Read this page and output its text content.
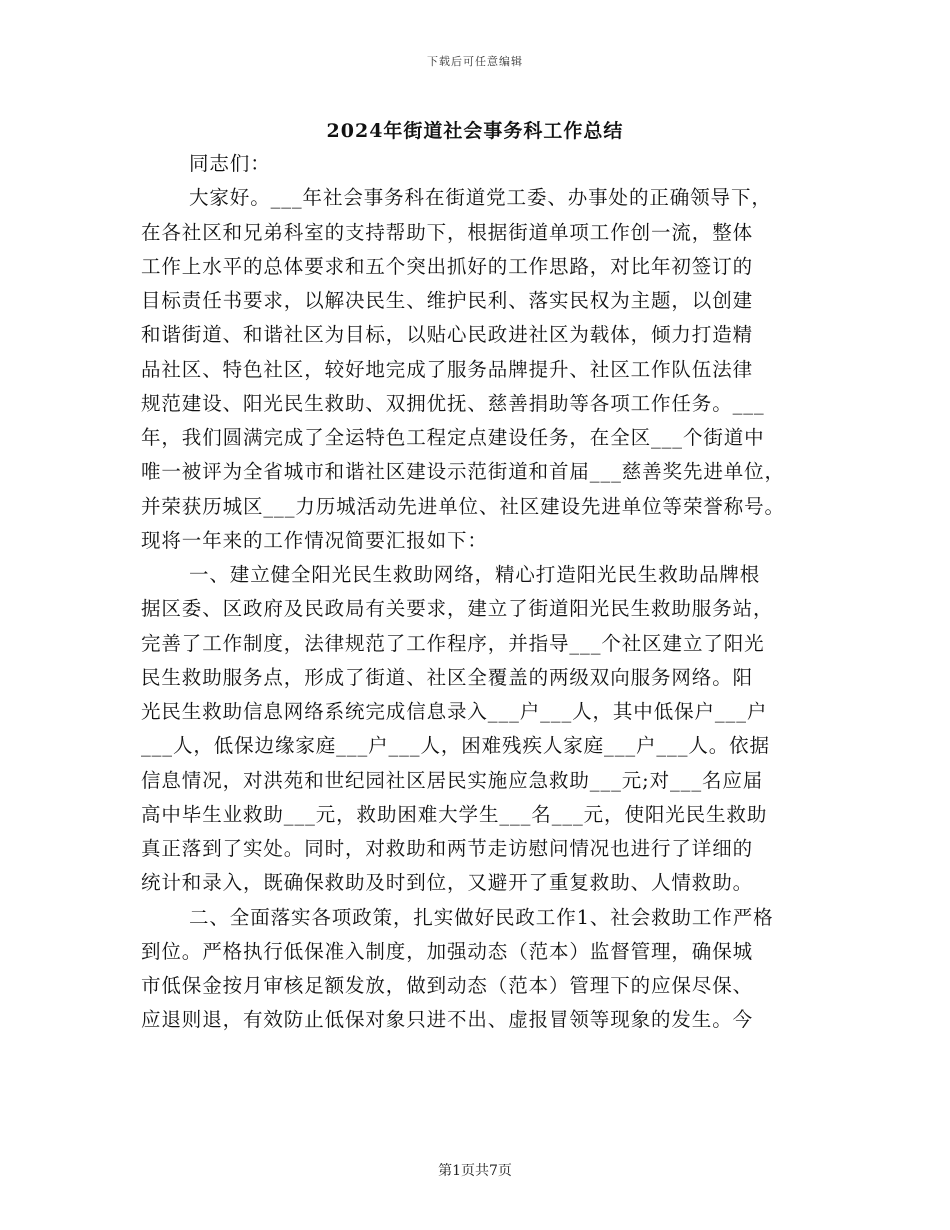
下载后可任意编辑
2024年街道社会事务科工作总结
同志们：
大家好。___年社会事务科在街道党工委、办事处的正确领导下，
在各社区和兄弟科室的支持帮助下，根据街道单项工作创一流，整体
工作上水平的总体要求和五个突出抓好的工作思路，对比年初签订的
目标责任书要求，以解决民生、维护民利、落实民权为主题，以创建
和谐街道、和谐社区为目标，以贴心民政进社区为载体，倾力打造精
品社区、特色社区，较好地完成了服务品牌提升、社区工作队伍法律
规范建设、阳光民生救助、双拥优抚、慈善捐助等各项工作任务。___
年，我们圆满完成了全运特色工程定点建设任务，在全区___个街道中
唯一被评为全省城市和谐社区建设示范街道和首届___慈善奖先进单位，
并荣获历城区___力历城活动先进单位、社区建设先进单位等荣誉称号。
现将一年来的工作情况简要汇报如下：
一、建立健全阳光民生救助网络，精心打造阳光民生救助品牌根
据区委、区政府及民政局有关要求，建立了街道阳光民生救助服务站，
完善了工作制度，法律规范了工作程序，并指导___个社区建立了阳光
民生救助服务点，形成了街道、社区全覆盖的两级双向服务网络。阳
光民生救助信息网络系统完成信息录入___户___人，其中低保户___户
___人，低保边缘家庭___户___人，困难残疾人家庭___户___人。依据
信息情况，对洪苑和世纪园社区居民实施应急救助___元;对___名应届
高中毕生业救助___元，救助困难大学生___名___元，使阳光民生救助
真正落到了实处。同时，对救助和两节走访慰问情况也进行了详细的
统计和录入，既确保救助及时到位，又避开了重复救助、人情救助。
二、全面落实各项政策，扎实做好民政工作1、社会救助工作严格
到位。严格执行低保准入制度，加强动态（范本）监督管理，确保城
市低保金按月审核足额发放，做到动态（范本）管理下的应保尽保、
应退则退，有效防止低保对象只进不出、虚报冒领等现象的发生。今
第1页共7页
